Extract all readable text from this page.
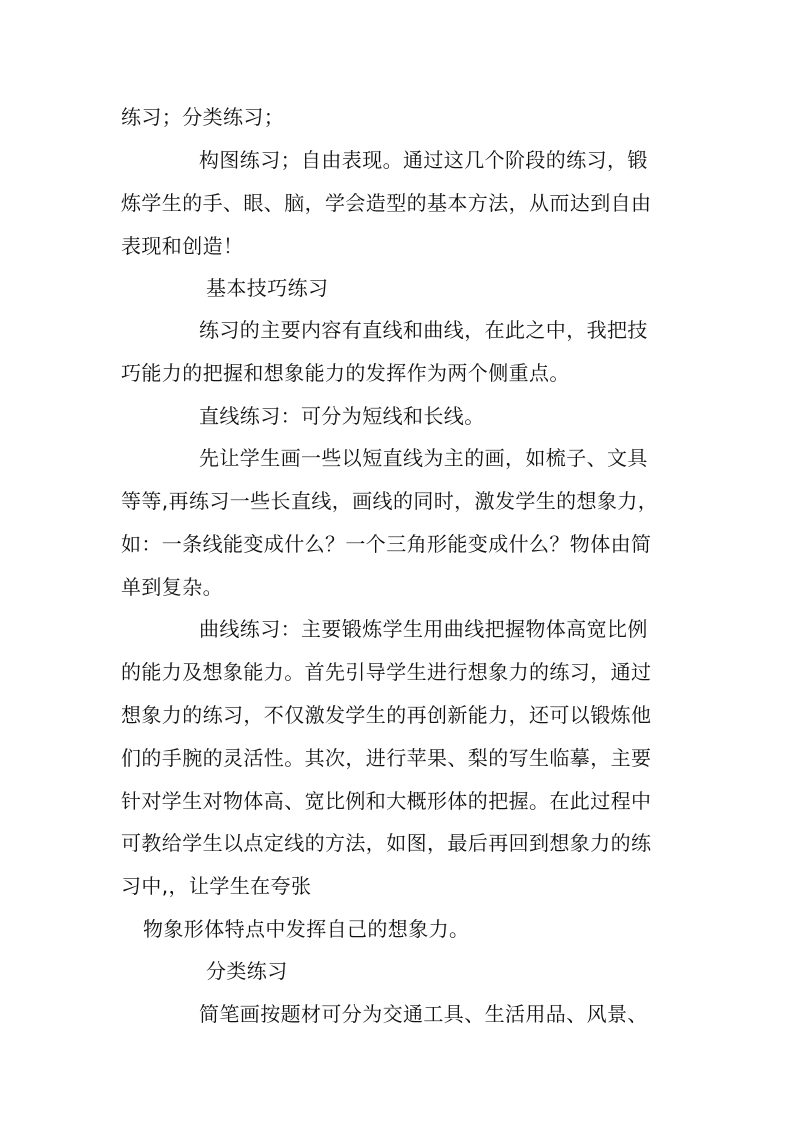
练习；分类练习；
构图练习；自由表现。通过这几个阶段的练习，锻
炼学生的手、眼、脑，学会造型的基本方法，从而达到自由
表现和创造！
基本技巧练习
练习的主要内容有直线和曲线，在此之中，我把技
巧能力的把握和想象能力的发挥作为两个侧重点。
直线练习：可分为短线和长线。
先让学生画一些以短直线为主的画，如梳子、文具
等等,再练习一些长直线，画线的同时，激发学生的想象力，
如：一条线能变成什么？一个三角形能变成什么？物体由简
单到复杂。
曲线练习：主要锻炼学生用曲线把握物体高宽比例
的能力及想象能力。首先引导学生进行想象力的练习，通过
想象力的练习，不仅激发学生的再创新能力，还可以锻炼他
们的手腕的灵活性。其次，进行苹果、梨的写生临摹，主要
针对学生对物体高、宽比例和大概形体的把握。在此过程中
可教给学生以点定线的方法，如图，最后再回到想象力的练
习中,，让学生在夸张
物象形体特点中发挥自己的想象力。
分类练习
简笔画按题材可分为交通工具、生活用品、风景、
